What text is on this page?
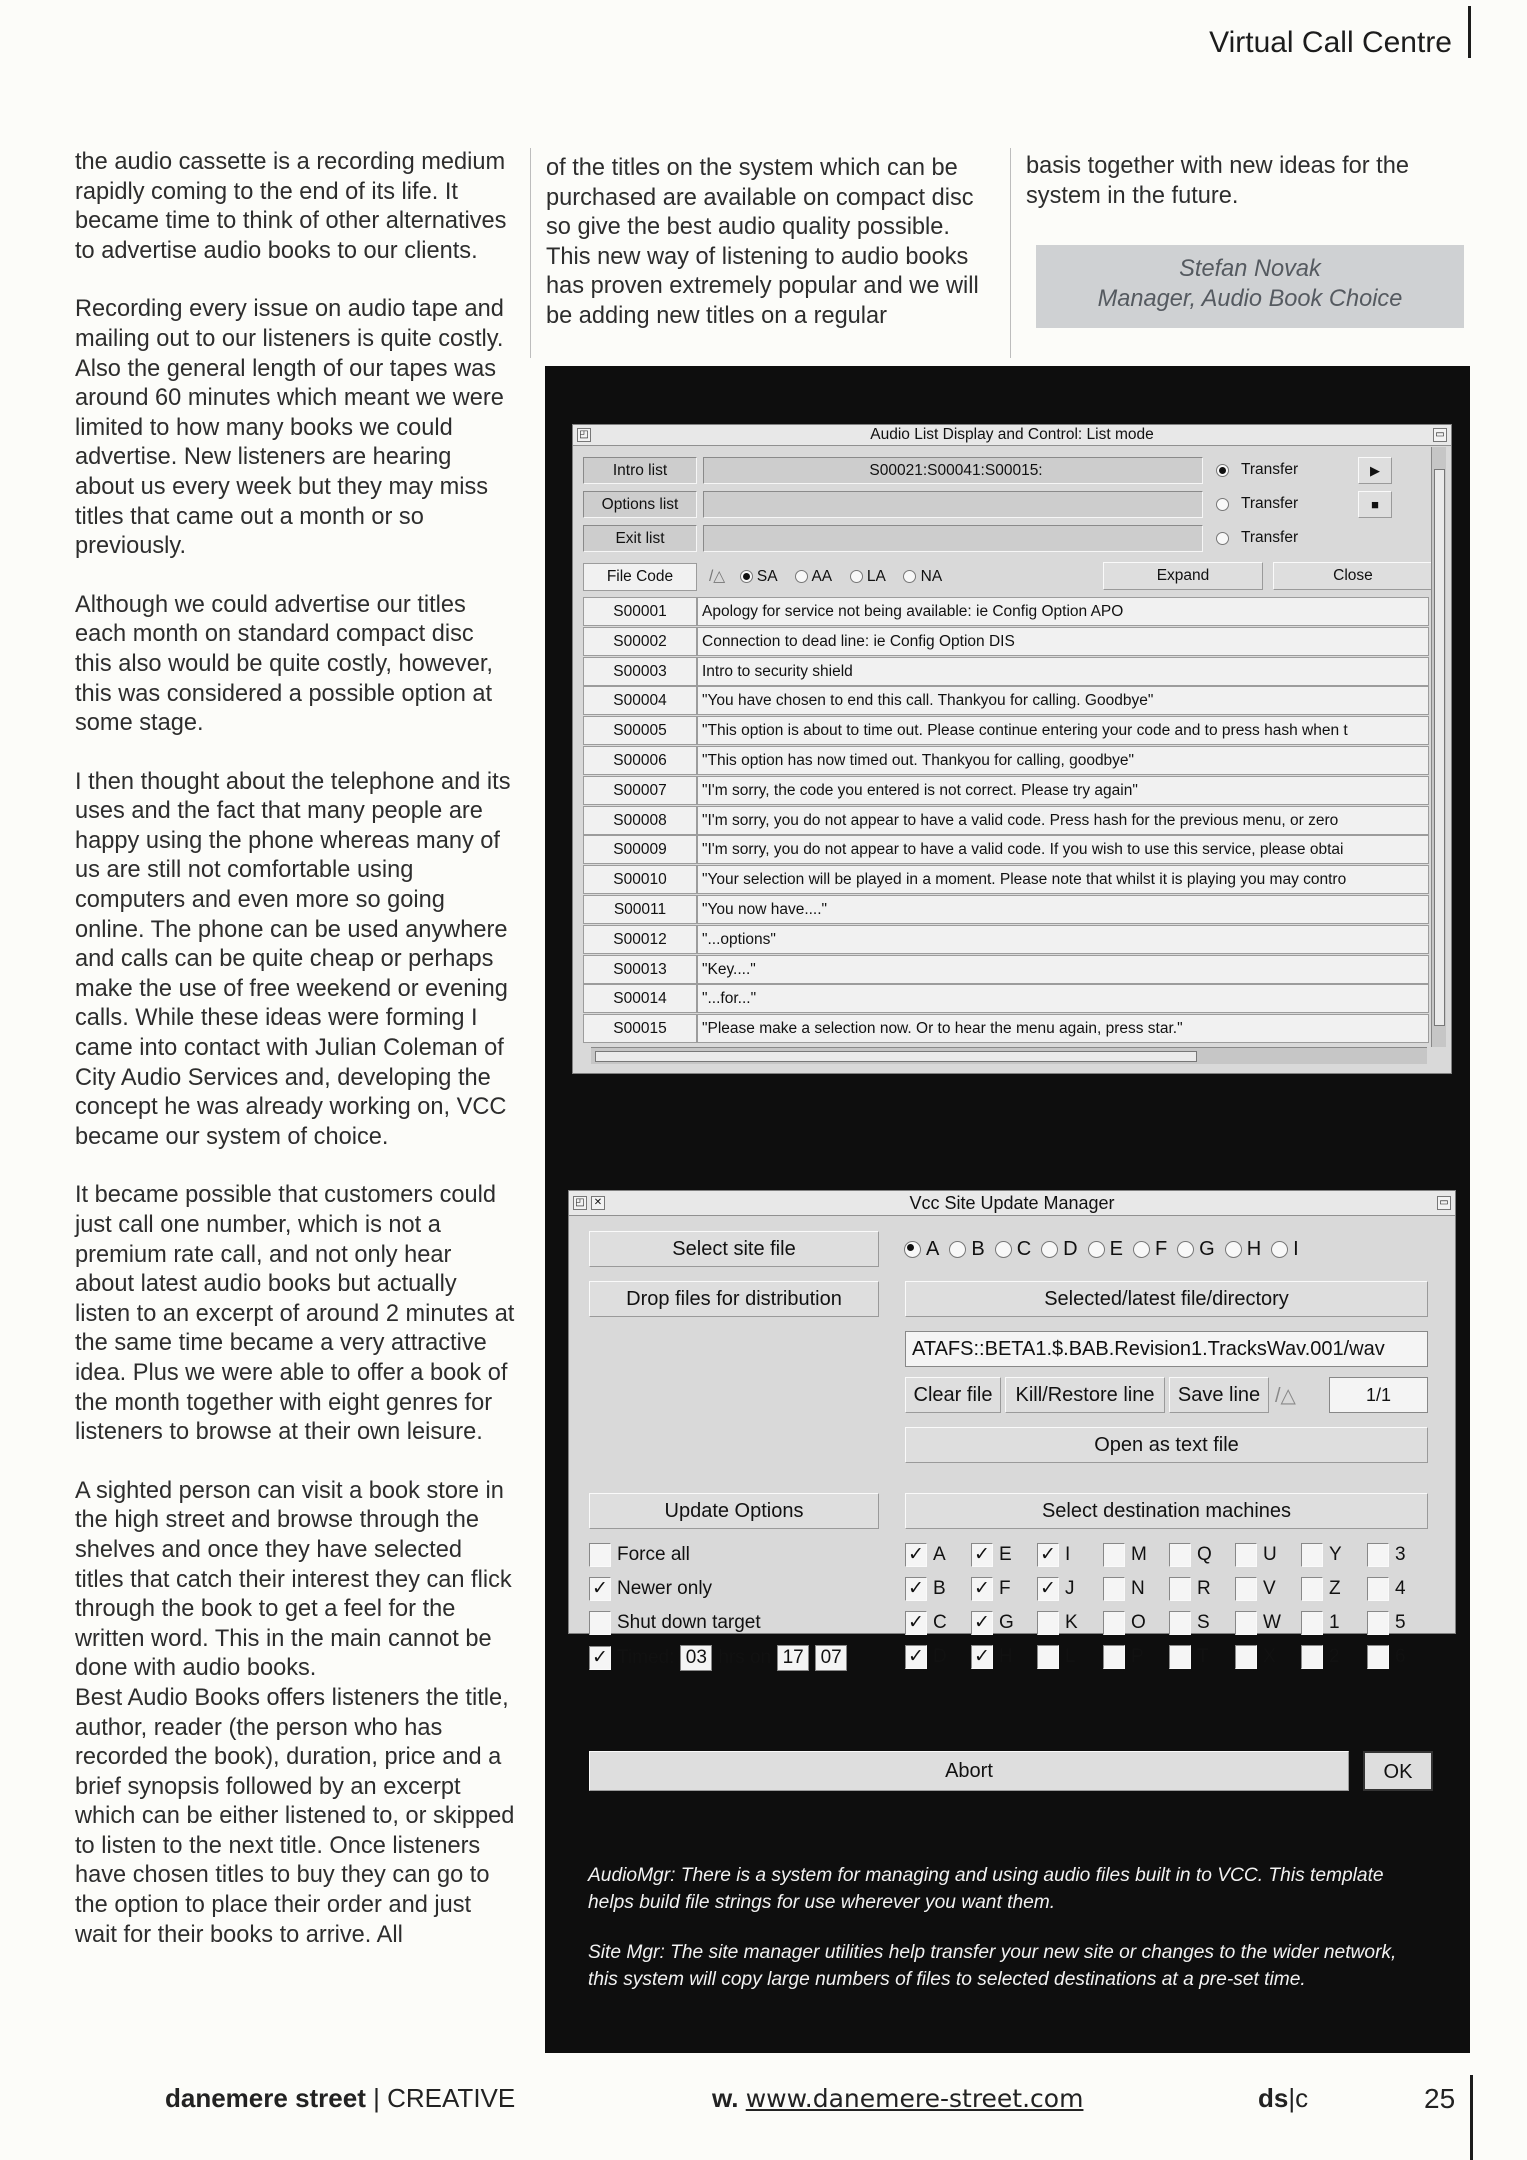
Virtual Call Centre

the audio cassette is a recording medium rapidly coming to the end of its life. It became time to think of other alternatives to advertise audio books to our clients.

Recording every issue on audio tape and mailing out to our listeners is quite costly. Also the general length of our tapes was around 60 minutes which meant we were limited to how many books we could advertise. New listeners are hearing about us every week but they may miss titles that came out a month or so previously.

Although we could advertise our titles each month on standard compact disc this also would be quite costly, however, this was considered a possible option at some stage.

I then thought about the telephone and its uses and the fact that many people are happy using the phone whereas many of us are still not comfortable using computers and even more so going online. The phone can be used anywhere and calls can be quite cheap or perhaps make the use of free weekend or evening calls. While these ideas were forming I came into contact with Julian Coleman of City Audio Services and, developing the concept he was already working on, VCC became our system of choice.

It became possible that customers could just call one number, which is not a premium rate call, and not only hear about latest audio books but actually listen to an excerpt of around 2 minutes at the same time became a very attractive idea. Plus we were able to offer a book of the month together with eight genres for listeners to browse at their own leisure.

A sighted person can visit a book store in the high street and browse through the shelves and once they have selected titles that catch their interest they can flick through the book to get a feel for the written word. This in the main cannot be done with audio books.

Best Audio Books offers listeners the title, author, reader (the person who has recorded the book), duration, price and a brief synopsis followed by an excerpt which can be either listened to, or skipped to listen to the next title. Once listeners have chosen titles to buy they can go to the option to place their order and just wait for their books to arrive. All

of the titles on the system which can be purchased are available on compact disc so give the best audio quality possible. This new way of listening to audio books has proven extremely popular and we will be adding new titles on a regular
basis together with new ideas for the system in the future.
Stefan Novak
Manager, Audio Book Choice
◰	Audio List Display and Control: List mode	▭
Intro list	S00021:S00041:S00015:
Options list
Exit list
Transfer
Transfer
Transfer
▶
■
File Code	/△ SA AA LA NA	Expand	Close
S00001	Apology for service not being available: ie Config Option APO
S00002	Connection to dead line: ie Config Option DIS
S00003	Intro to security shield
S00004	"You have chosen to end this call. Thankyou for calling. Goodbye"
S00005	"This option is about to time out. Please continue entering your code and to press hash when t
S00006	"This option has now timed out. Thankyou for calling, goodbye"
S00007	"I'm sorry, the code you entered is not correct. Please try again"
S00008	"I'm sorry, you do not appear to have a valid code. Press hash for the previous menu, or zero
S00009	"I'm sorry, you do not appear to have a valid code. If you wish to use this service, please obtai
S00010	"Your selection will be played in a moment. Please note that whilst it is playing you may contro
S00011	"You now have...."
S00012	"...options"
S00013	"Key...."
S00014	"...for..."
S00015	"Please make a selection now. Or to hear the menu again, press star."
◰ ✕	Vcc Site Update Manager	▭
Select site file	A B C D E F G H I
Drop files for distribution	Selected/latest file/directory
ATAFS::BETA1.$.BAB.Revision1.TracksWav.001/wav
Clear file	Kill/Restore line	Save line /△	1/1
Open as text file
Update Options	Select destination machines
Force all
✓ Newer only
Shut down target
✓ Timed: 03 hrs on 17 07
✓ A ✓ E ✓ I	M	Q	U	Y	3
✓ B ✓ F ✓ J	N	R	V	Z	4
✓ C ✓ G	K	O	S	W	1	5
✓ D ✓ H	L	P	T	X	2	6
Abort	OK
AudioMgr: There is a system for managing and using audio files built in to VCC. This template helps build file strings for use wherever you want them.
Site Mgr: The site manager utilities help transfer your new site or changes to the wider network, this system will copy large numbers of files to selected destinations at a pre-set time.
danemere street | CREATIVE	w. www.danemere-street.com	ds|c	25
